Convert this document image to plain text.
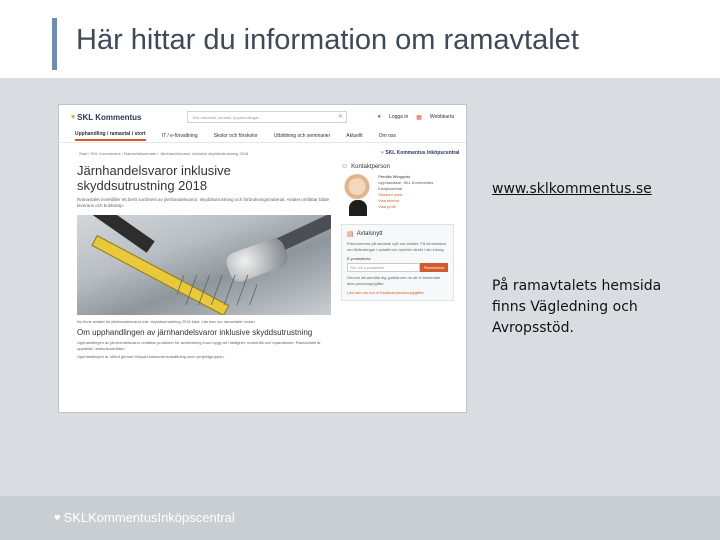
Här hittar du information om ramavtalet
♥ SKL Kommentus	Sök ramavtal, kontakt, upphandlingar...	⌕	● Logga in ▦ Webbkarta
Upphandling / ramavtal i stort	IT / e-förvaltning	Skolor och förskolor	Utbildning och seminarier	Aktuellt	Om oss
Start / SKL Kommentus / Ramavtalsomrade / Järnhandelsvaror inklusive skyddsutrustning 2018	♥ SKL Kommentus Inköpscentral
Järnhandelsvaror inklusive skyddsutrustning 2018
Ramavtalet innehåller ett brett sortiment av järnhandelsvaror, skyddsutrustning och förbrukningsmaterial. Avtalet omfattar både leverans och butiksköp.
Nu finns avtalet för järnhandelsvaror inkl. skyddsutrustning 2018 klart. Läs mer om ramavtalet nedan.
Om upphandlingen av järnhandelsvaror inklusive skyddsutrustning
Upphandlingen av järnhandelsvaror omfattar produkter för användning inom bygg och fastighet, underhåll och reparationer. Ramavtalet är uppdelat i anbudsområden.
Upphandlingen är utförd genom förnyad konkurrensutsättning inom projektgruppen.
☺ Kontaktperson
Pernilla Wingqvist
Upphandlare, SKL Kommentus Inköpscentral
Skicka e-post
Visa telefon
Visa profil
▤ Avtalsnytt
Prenumerera på senaste nytt om avtalet. Få information om förändringar i avtalet och nyheter direkt i din inkorg.
E-postadress
Fyll i din e-postadress	Prenumerera
Genom att anmäla dig godkänner du att vi behandlar dina personuppgifter.
Läs mer om hur vi hanterar personuppgifter
www.sklkommentus.se
På ramavtalets hemsida finns Vägledning och Avropsstöd.
♥ SKLKommentusInköpscentral
